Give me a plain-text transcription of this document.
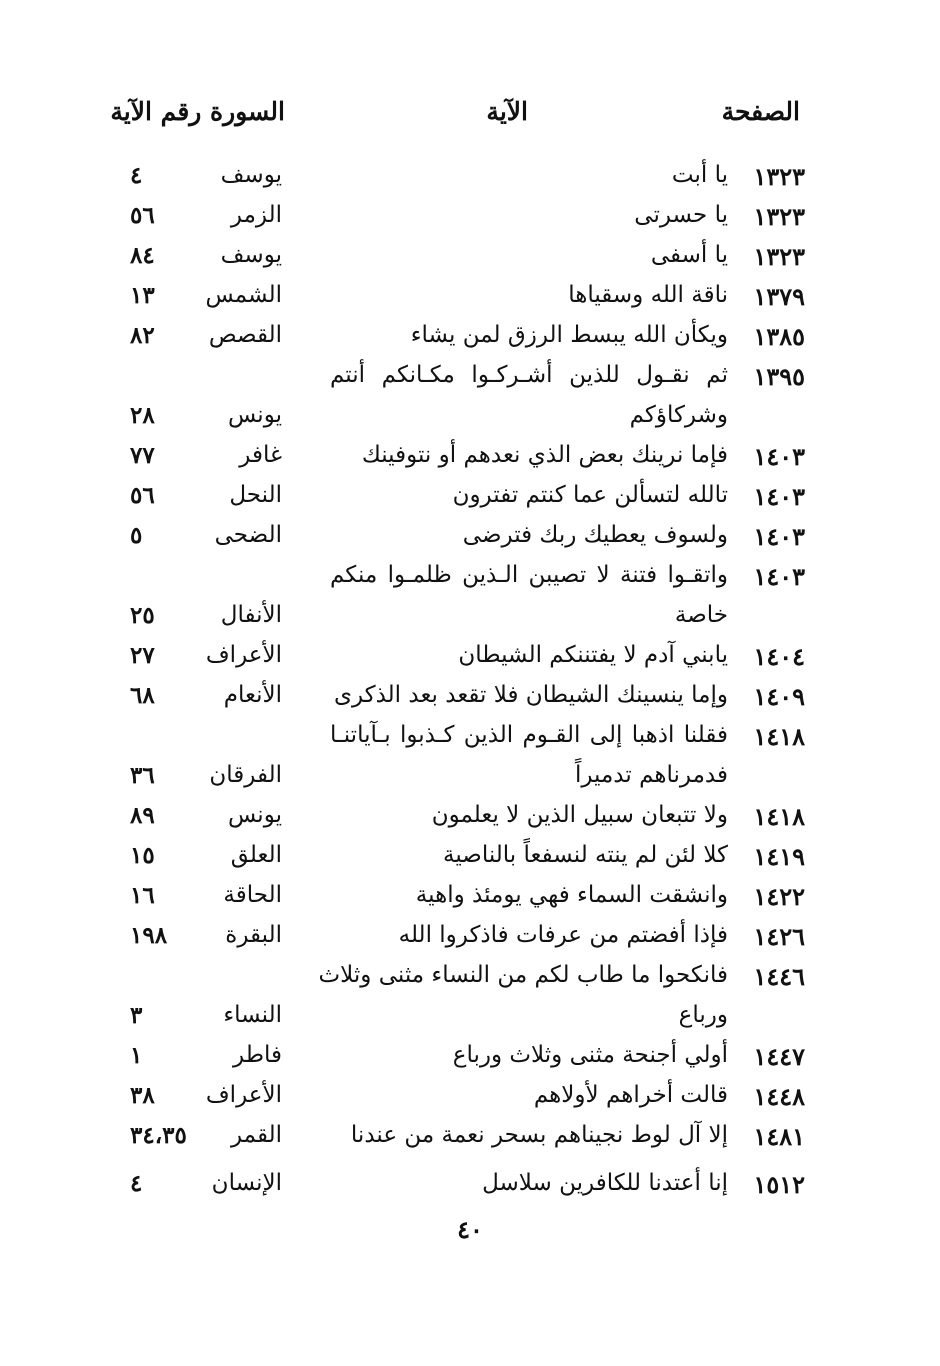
الصفحة
الآية
السورة رقم الآية
١٣٢٣
يا أبت
يوسف
٤
١٣٢٣
يا حسرتى
الزمر
٥٦
١٣٢٣
يا أسفى
يوسف
٨٤
١٣٧٩
ناقة الله وسقياها
الشمس
١٣
١٣٨٥
ويكأن الله يبسط الرزق لمن يشاء
القصص
٨٢
١٣٩٥
ثم نقـول للذين أشـركـوا مكـانكم أنتم
وشركاؤكم
يونس
٢٨
١٤٠٣
فإما نرينك بعض الذي نعدهم أو نتوفينك
غافر
٧٧
١٤٠٣
تالله لتسألن عما كنتم تفترون
النحل
٥٦
١٤٠٣
ولسوف يعطيك ربك فترضى
الضحى
٥
١٤٠٣
واتقـوا فتنة لا تصيبن الـذين ظلمـوا منكم
خاصة
الأنفال
٢٥
١٤٠٤
يابني آدم لا يفتننكم الشيطان
الأعراف
٢٧
١٤٠٩
وإما ينسينك الشيطان فلا تقعد بعد الذكرى
الأنعام
٦٨
١٤١٨
فقلنا اذهبا إلى القـوم الذين كـذبوا بـآياتنـا
فدمرناهم تدميراً
الفرقان
٣٦
١٤١٨
ولا تتبعان سبيل الذين لا يعلمون
يونس
٨٩
١٤١٩
كلا لئن لم ينته لنسفعاً بالناصية
العلق
١٥
١٤٢٢
وانشقت السماء فهي يومئذ واهية
الحاقة
١٦
١٤٢٦
فإذا أفضتم من عرفات فاذكروا الله
البقرة
١٩٨
١٤٤٦
فانكحوا ما طاب لكم من النساء مثنى وثلاث
ورباع
النساء
٣
١٤٤٧
أولي أجنحة مثنى وثلاث ورباع
فاطر
١
١٤٤٨
قالت أخراهم لأولاهم
الأعراف
٣٨
١٤٨١
إلا آل لوط نجيناهم بسحر نعمة من عندنا
القمر
٣٤،٣٥
١٥١٢
إنا أعتدنا للكافرين سلاسل
الإنسان
٤
٤٠
